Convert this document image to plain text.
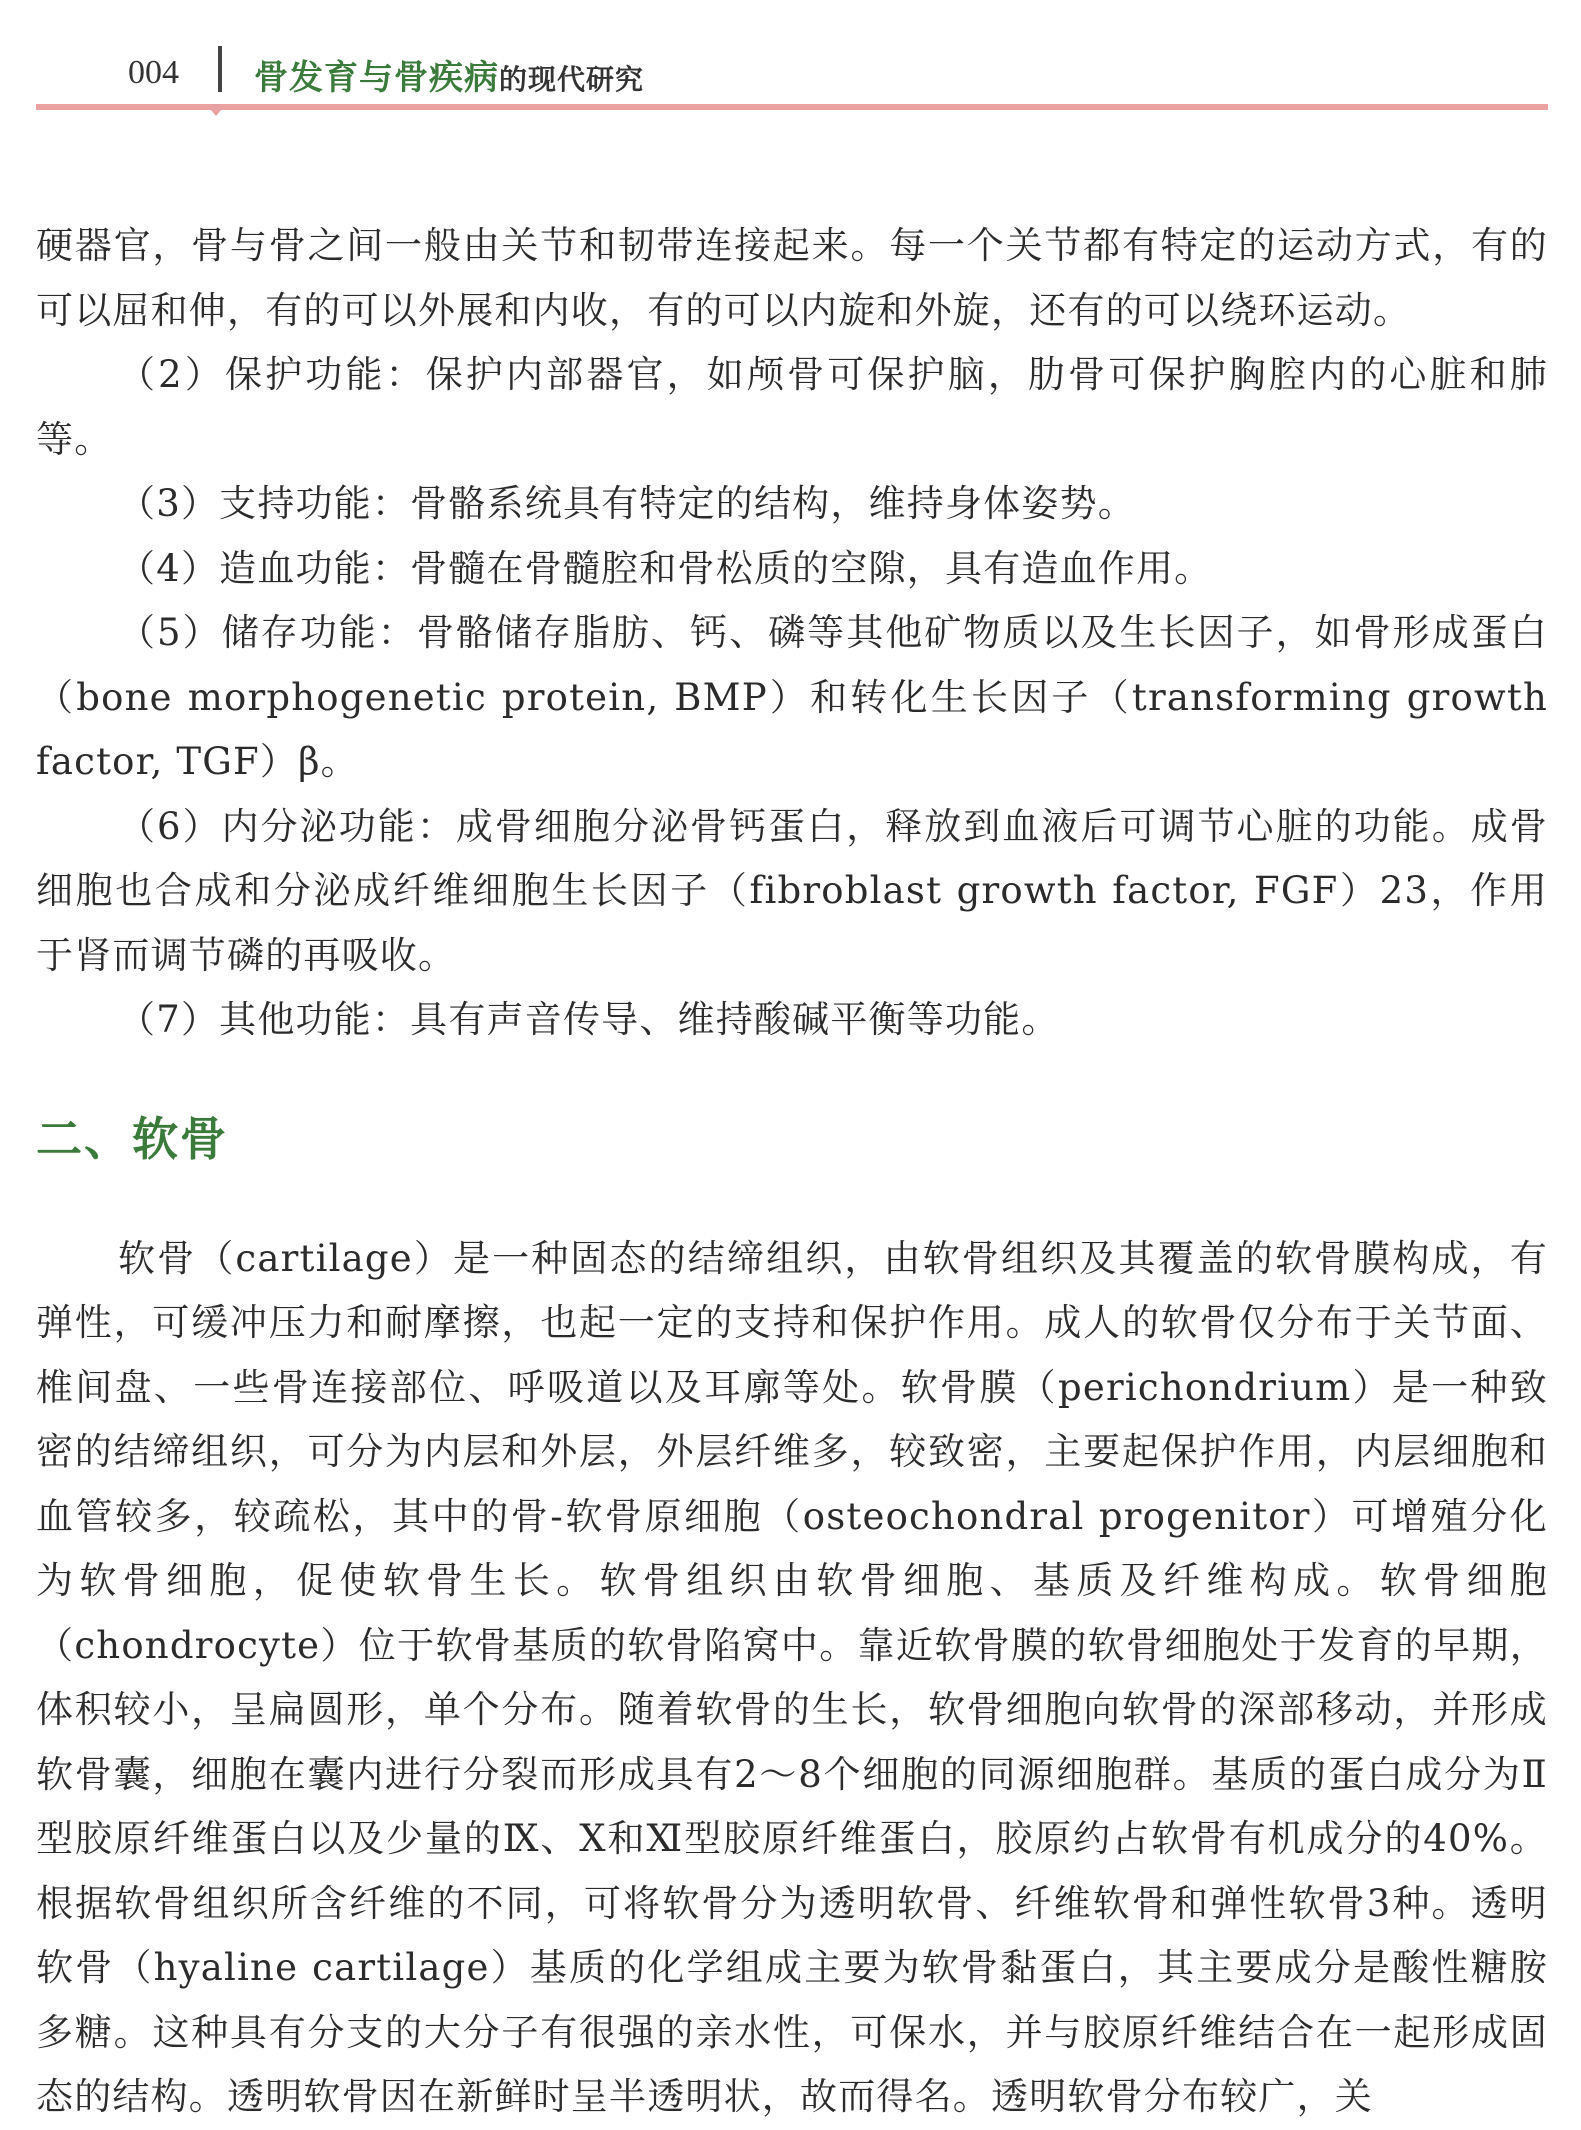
004 骨发育与骨疾病的现代研究

硬器官，骨与骨之间一般由关节和韧带连接起来。每一个关节都有特定的运动方式，有的可以屈和伸，有的可以外展和内收，有的可以内旋和外旋，还有的可以绕环运动。

（2）保护功能：保护内部器官，如颅骨可保护脑，肋骨可保护胸腔内的心脏和肺等。

（3）支持功能：骨骼系统具有特定的结构，维持身体姿势。

（4）造血功能：骨髓在骨髓腔和骨松质的空隙，具有造血作用。

（5）储存功能：骨骼储存脂肪、钙、磷等其他矿物质以及生长因子，如骨形成蛋白（bone morphogenetic protein, BMP）和转化生长因子（transforming growth factor, TGF）β。

（6）内分泌功能：成骨细胞分泌骨钙蛋白，释放到血液后可调节心脏的功能。成骨细胞也合成和分泌成纤维细胞生长因子（fibroblast growth factor, FGF）23，作用于肾而调节磷的再吸收。

（7）其他功能：具有声音传导、维持酸碱平衡等功能。

二、软骨

软骨（cartilage）是一种固态的结缔组织，由软骨组织及其覆盖的软骨膜构成，有弹性，可缓冲压力和耐摩擦，也起一定的支持和保护作用。成人的软骨仅分布于关节面、椎间盘、一些骨连接部位、呼吸道以及耳廓等处。软骨膜（perichondrium）是一种致密的结缔组织，可分为内层和外层，外层纤维多，较致密，主要起保护作用，内层细胞和血管较多，较疏松，其中的骨-软骨原细胞（osteochondral progenitor）可增殖分化为软骨细胞，促使软骨生长。软骨组织由软骨细胞、基质及纤维构成。软骨细胞（chondrocyte）位于软骨基质的软骨陷窝中。靠近软骨膜的软骨细胞处于发育的早期，体积较小，呈扁圆形，单个分布。随着软骨的生长，软骨细胞向软骨的深部移动，并形成软骨囊，细胞在囊内进行分裂而形成具有2～8个细胞的同源细胞群。基质的蛋白成分为Ⅱ型胶原纤维蛋白以及少量的Ⅸ、Ⅹ和Ⅺ型胶原纤维蛋白，胶原约占软骨有机成分的40%。根据软骨组织所含纤维的不同，可将软骨分为透明软骨、纤维软骨和弹性软骨3种。透明软骨（hyaline cartilage）基质的化学组成主要为软骨黏蛋白，其主要成分是酸性糖胺多糖。这种具有分支的大分子有很强的亲水性，可保水，并与胶原纤维结合在一起形成固态的结构。透明软骨因在新鲜时呈半透明状，故而得名。透明软骨分布较广，关
